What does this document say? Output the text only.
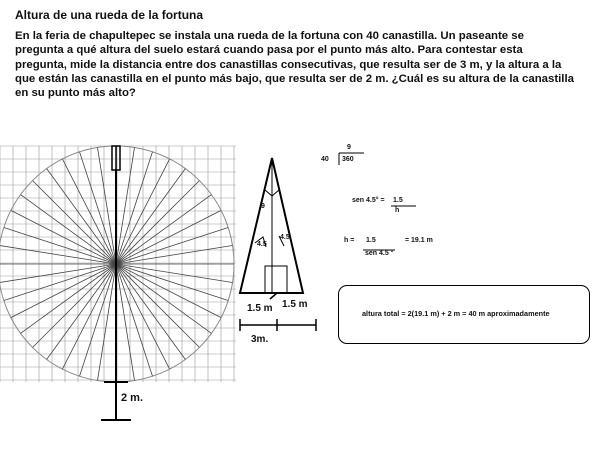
Altura de una rueda de la fortuna
En la feria de chapultepec se instala una rueda de la fortuna con 40 canastilla. Un paseante se pregunta a qué altura del suelo estará cuando pasa por el punto más alto. Para contestar esta pregunta, mide la distancia entre dos canastillas consecutivas, que resulta ser de 3 m, y la altura a la que están las canastilla en el punto más bajo, que resulta ser de 2 m. ¿Cuál es su altura de la canastilla en su punto más alto?
2 m.
9
4.5
4.5
1.5 m 1.5 m
3m.
9
40 360
sen 4.5° = 1.5
h
h = 1.5
sen 4.5 °
= 19.1 m
altura total = 2(19.1 m) + 2 m = 40 m aproximadamente
